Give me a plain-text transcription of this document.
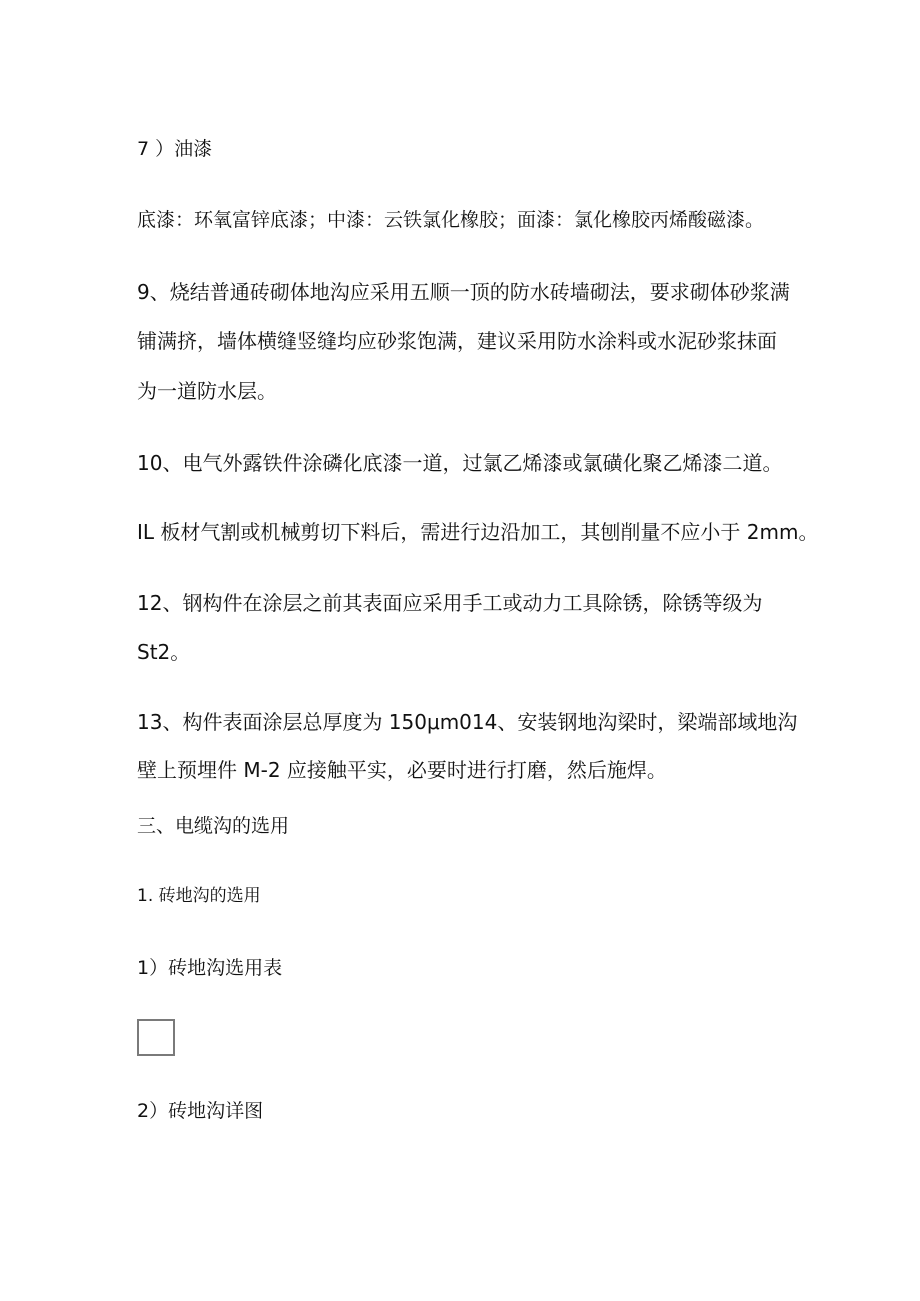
7 ）油漆
底漆：环氧富锌底漆；中漆：云铁氯化橡胶；面漆：氯化橡胶丙烯酸磁漆。
9、烧结普通砖砌体地沟应采用五顺一顶的防水砖墙砌法，要求砌体砂浆满
铺满挤，墙体横缝竖缝均应砂浆饱满，建议采用防水涂料或水泥砂浆抹面
为一道防水层。
10、电气外露铁件涂磷化底漆一道，过氯乙烯漆或氯磺化聚乙烯漆二道。
IL 板材气割或机械剪切下料后，需进行边沿加工，其刨削量不应小于 2mm。
12、钢构件在涂层之前其表面应采用手工或动力工具除锈，除锈等级为
St2。
13、构件表面涂层总厚度为 150μm014、安装钢地沟梁时，梁端部域地沟
壁上预埋件 M-2 应接触平实，必要时进行打磨，然后施焊。
三、电缆沟的选用
1. 砖地沟的选用
1）砖地沟选用表
2）砖地沟详图
